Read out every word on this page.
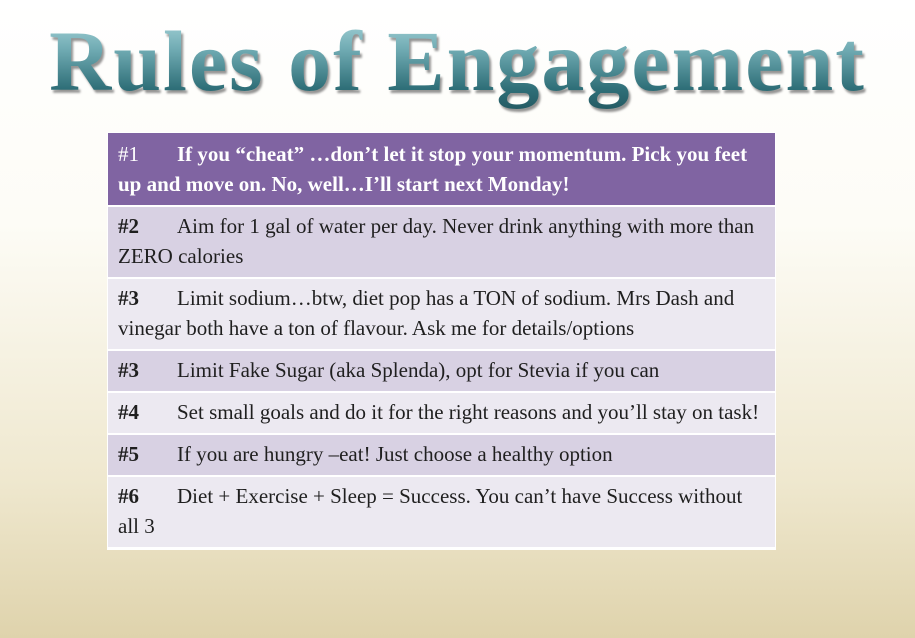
Rules of Engagement
#1 If you “cheat” …don’t let it stop your momentum. Pick you feet up and move on. No, well…I’ll start next Monday!
#2 Aim for 1 gal of water per day. Never drink anything with more than ZERO calories
#3 Limit sodium…btw, diet pop has a TON of sodium. Mrs Dash and vinegar both have a ton of flavour. Ask me for details/options
#3 Limit Fake Sugar (aka Splenda), opt for Stevia if you can
#4 Set small goals and do it for the right reasons and you’ll stay on task!
#5 If you are hungry –eat! Just choose a healthy option
#6 Diet + Exercise + Sleep = Success. You can’t have Success without all 3
